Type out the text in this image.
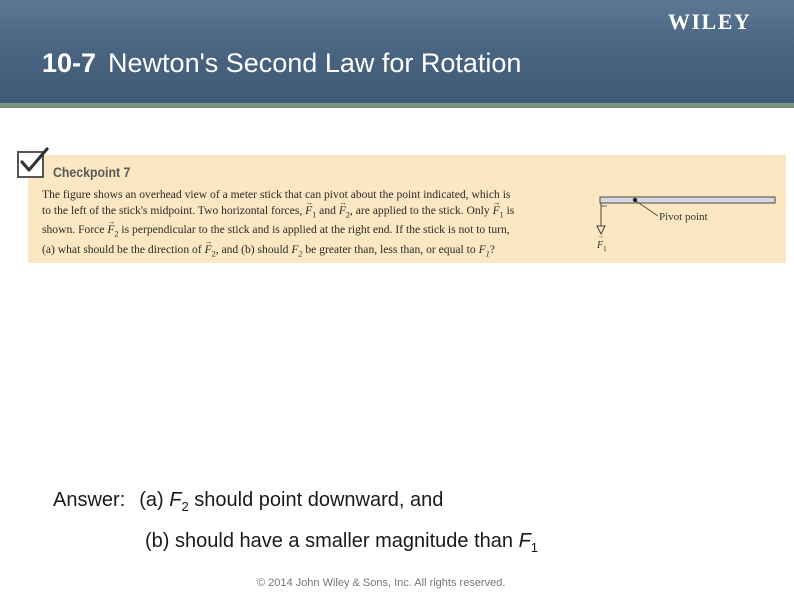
WILEY
10-7 Newton's Second Law for Rotation
Checkpoint 7

The figure shows an overhead view of a meter stick that can pivot about the point indicated, which is
to the left of the stick's midpoint. Two horizontal forces, → $F_1$ and → $F_2$, are applied to the stick. Only → $F_1$ is
shown. Force → $F_2$ is perpendicular to the stick and is applied at the right end. If the stick is not to turn,
(a) what should be the direction of → $F_2$, and (b) should $F_2$ be greater than, less than, or equal to $F_1$?

Pivot point
$F_1$
→
Answer: (a) $F_2$ should point downward, and
(b) should have a smaller magnitude than $F_1$
© 2014 John Wiley & Sons, Inc. All rights reserved.
